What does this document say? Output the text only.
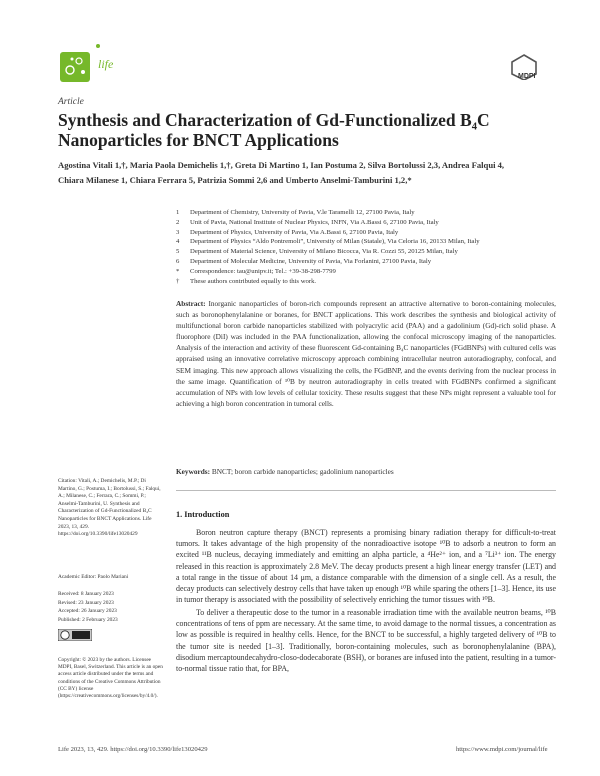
life
MDPI
Article
Synthesis and Characterization of Gd-Functionalized B₄C Nanoparticles for BNCT Applications
Agostina Vitali 1,†, Maria Paola Demichelis 1,†, Greta Di Martino 1, Ian Postuma 2, Silva Bortolussi 2,3, Andrea Falqui 4, Chiara Milanese 1, Chiara Ferrara 5, Patrizia Sommi 2,6 and Umberto Anselmi-Tamburini 1,2,*
1	Department of Chemistry, University of Pavia, V.le Taramelli 12, 27100 Pavia, Italy
2	Unit of Pavia, National Institute of Nuclear Physics, INFN, Via A.Bassi 6, 27100 Pavia, Italy
3	Department of Physics, University of Pavia, Via A.Bassi 6, 27100 Pavia, Italy
4	Department of Physics “Aldo Pontremoli”, University of Milan (Statale), Via Celoria 16, 20133 Milan, Italy
5	Department of Material Science, University of Milano Bicocca, Via R. Cozzi 55, 20125 Milan, Italy
6	Department of Molecular Medicine, University of Pavia, Via Forlanini, 27100 Pavia, Italy
*	Correspondence: tau@unipv.it; Tel.: +39-38-298-7799
†	These authors contributed equally to this work.
Abstract: Inorganic nanoparticles of boron-rich compounds represent an attractive alternative to boron-containing molecules, such as boronophenylalanine or boranes, for BNCT applications. This work describes the synthesis and biological activity of multifunctional boron carbide nanoparticles stabilized with polyacrylic acid (PAA) and a gadolinium (Gd)-rich solid phase. A fluorophore (DiI) was included in the PAA functionalization, allowing the confocal microscopy imaging of the nanoparticles. Analysis of the interaction and activity of these fluorescent Gd-containing B₄C nanoparticles (FGdBNPs) with cultured cells was appraised using an innovative correlative microscopy approach combining intracellular neutron autoradiography, confocal, and SEM imaging. This new approach allows visualizing the cells, the FGdBNP, and the events deriving from the nuclear process in the same image. Quantification of ¹⁰B by neutron autoradiography in cells treated with FGdBNPs confirmed a significant accumulation of NPs with low levels of cellular toxicity. These results suggest that these NPs might represent a valuable tool for achieving a high boron concentration in tumoral cells.
Keywords: BNCT; boron carbide nanoparticles; gadolinium nanoparticles
Citation: Vitali, A.; Demichelis, M.P.; Di Martino, G.; Postuma, I.; Bortolussi, S.; Falqui, A.; Milanese, C.; Ferrara, C.; Sommi, P.; Anselmi-Tamburini, U. Synthesis and Characterization of Gd-Functionalized B₄C Nanoparticles for BNCT Applications. Life 2023, 13, 429. https://doi.org/10.3390/life13020429
Academic Editor: Paolo Mariani
Received: 8 January 2023
Revised: 23 January 2023
Accepted: 26 January 2023
Published: 2 February 2023
Copyright: © 2023 by the authors. Licensee MDPI, Basel, Switzerland. This article is an open access article distributed under the terms and conditions of the Creative Commons Attribution (CC BY) license (https://creativecommons.org/licenses/by/4.0/).
1. Introduction
Boron neutron capture therapy (BNCT) represents a promising binary radiation therapy for difficult-to-treat tumors. It takes advantage of the high propensity of the nonradioactive isotope ¹⁰B to adsorb a neutron to form an excited ¹¹B nucleus, decaying immediately and emitting an alpha particle, a ⁴He²⁺ ion, and a ⁷Li³⁺ ion. The energy released in this reaction is approximately 2.8 MeV. The decay products present a high linear energy transfer (LET) and a total range in the tissue of about 14 μm, a distance comparable with the dimension of a single cell. As a result, the decay products can selectively destroy cells that have taken up enough ¹⁰B while sparing the others [1–3]. Hence, its use in tumor therapy is associated with the possibility of selectively enriching the tumor tissues with ¹⁰B.
To deliver a therapeutic dose to the tumor in a reasonable irradiation time with the available neutron beams, ¹⁰B concentrations of tens of ppm are necessary. At the same time, to avoid damage to the normal tissues, a concentration as low as possible is required in healthy cells. Hence, for the BNCT to be successful, a highly targeted delivery of ¹⁰B to the tumor site is needed [1–3]. Traditionally, boron-containing molecules, such as boronophenylalanine (BPA), disodium mercaptoundecahydro-closo-dodecaborate (BSH), or boranes are infused into the patient, resulting in a tumor-to-normal tissue ratio that, for BPA,
Life 2023, 13, 429. https://doi.org/10.3390/life13020429	https://www.mdpi.com/journal/life
